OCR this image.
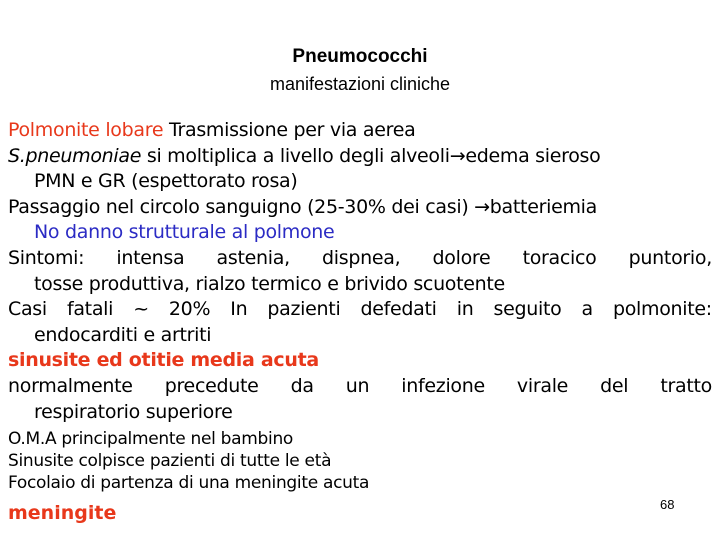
Pneumococchi
manifestazioni cliniche
Polmonite lobare Trasmissione per via aerea
S.pneumoniae si moltiplica a livello degli alveoli→edema sieroso
PMN e GR (espettorato rosa)
Passaggio nel circolo sanguigno (25-30% dei casi) →batteriemia
No danno strutturale al polmone
Sintomi: intensa astenia, dispnea, dolore toracico puntorio,
tosse produttiva, rialzo termico e brivido scuotente
Casi fatali ~ 20% In pazienti defedati in seguito a polmonite:
endocarditi e artriti
sinusite ed otitie media acuta
normalmente precedute da un infezione virale del tratto
respiratorio superiore
O.M.A principalmente nel bambino
Sinusite colpisce pazienti di tutte le età
Focolaio di partenza di una meningite acuta
meningite	68
